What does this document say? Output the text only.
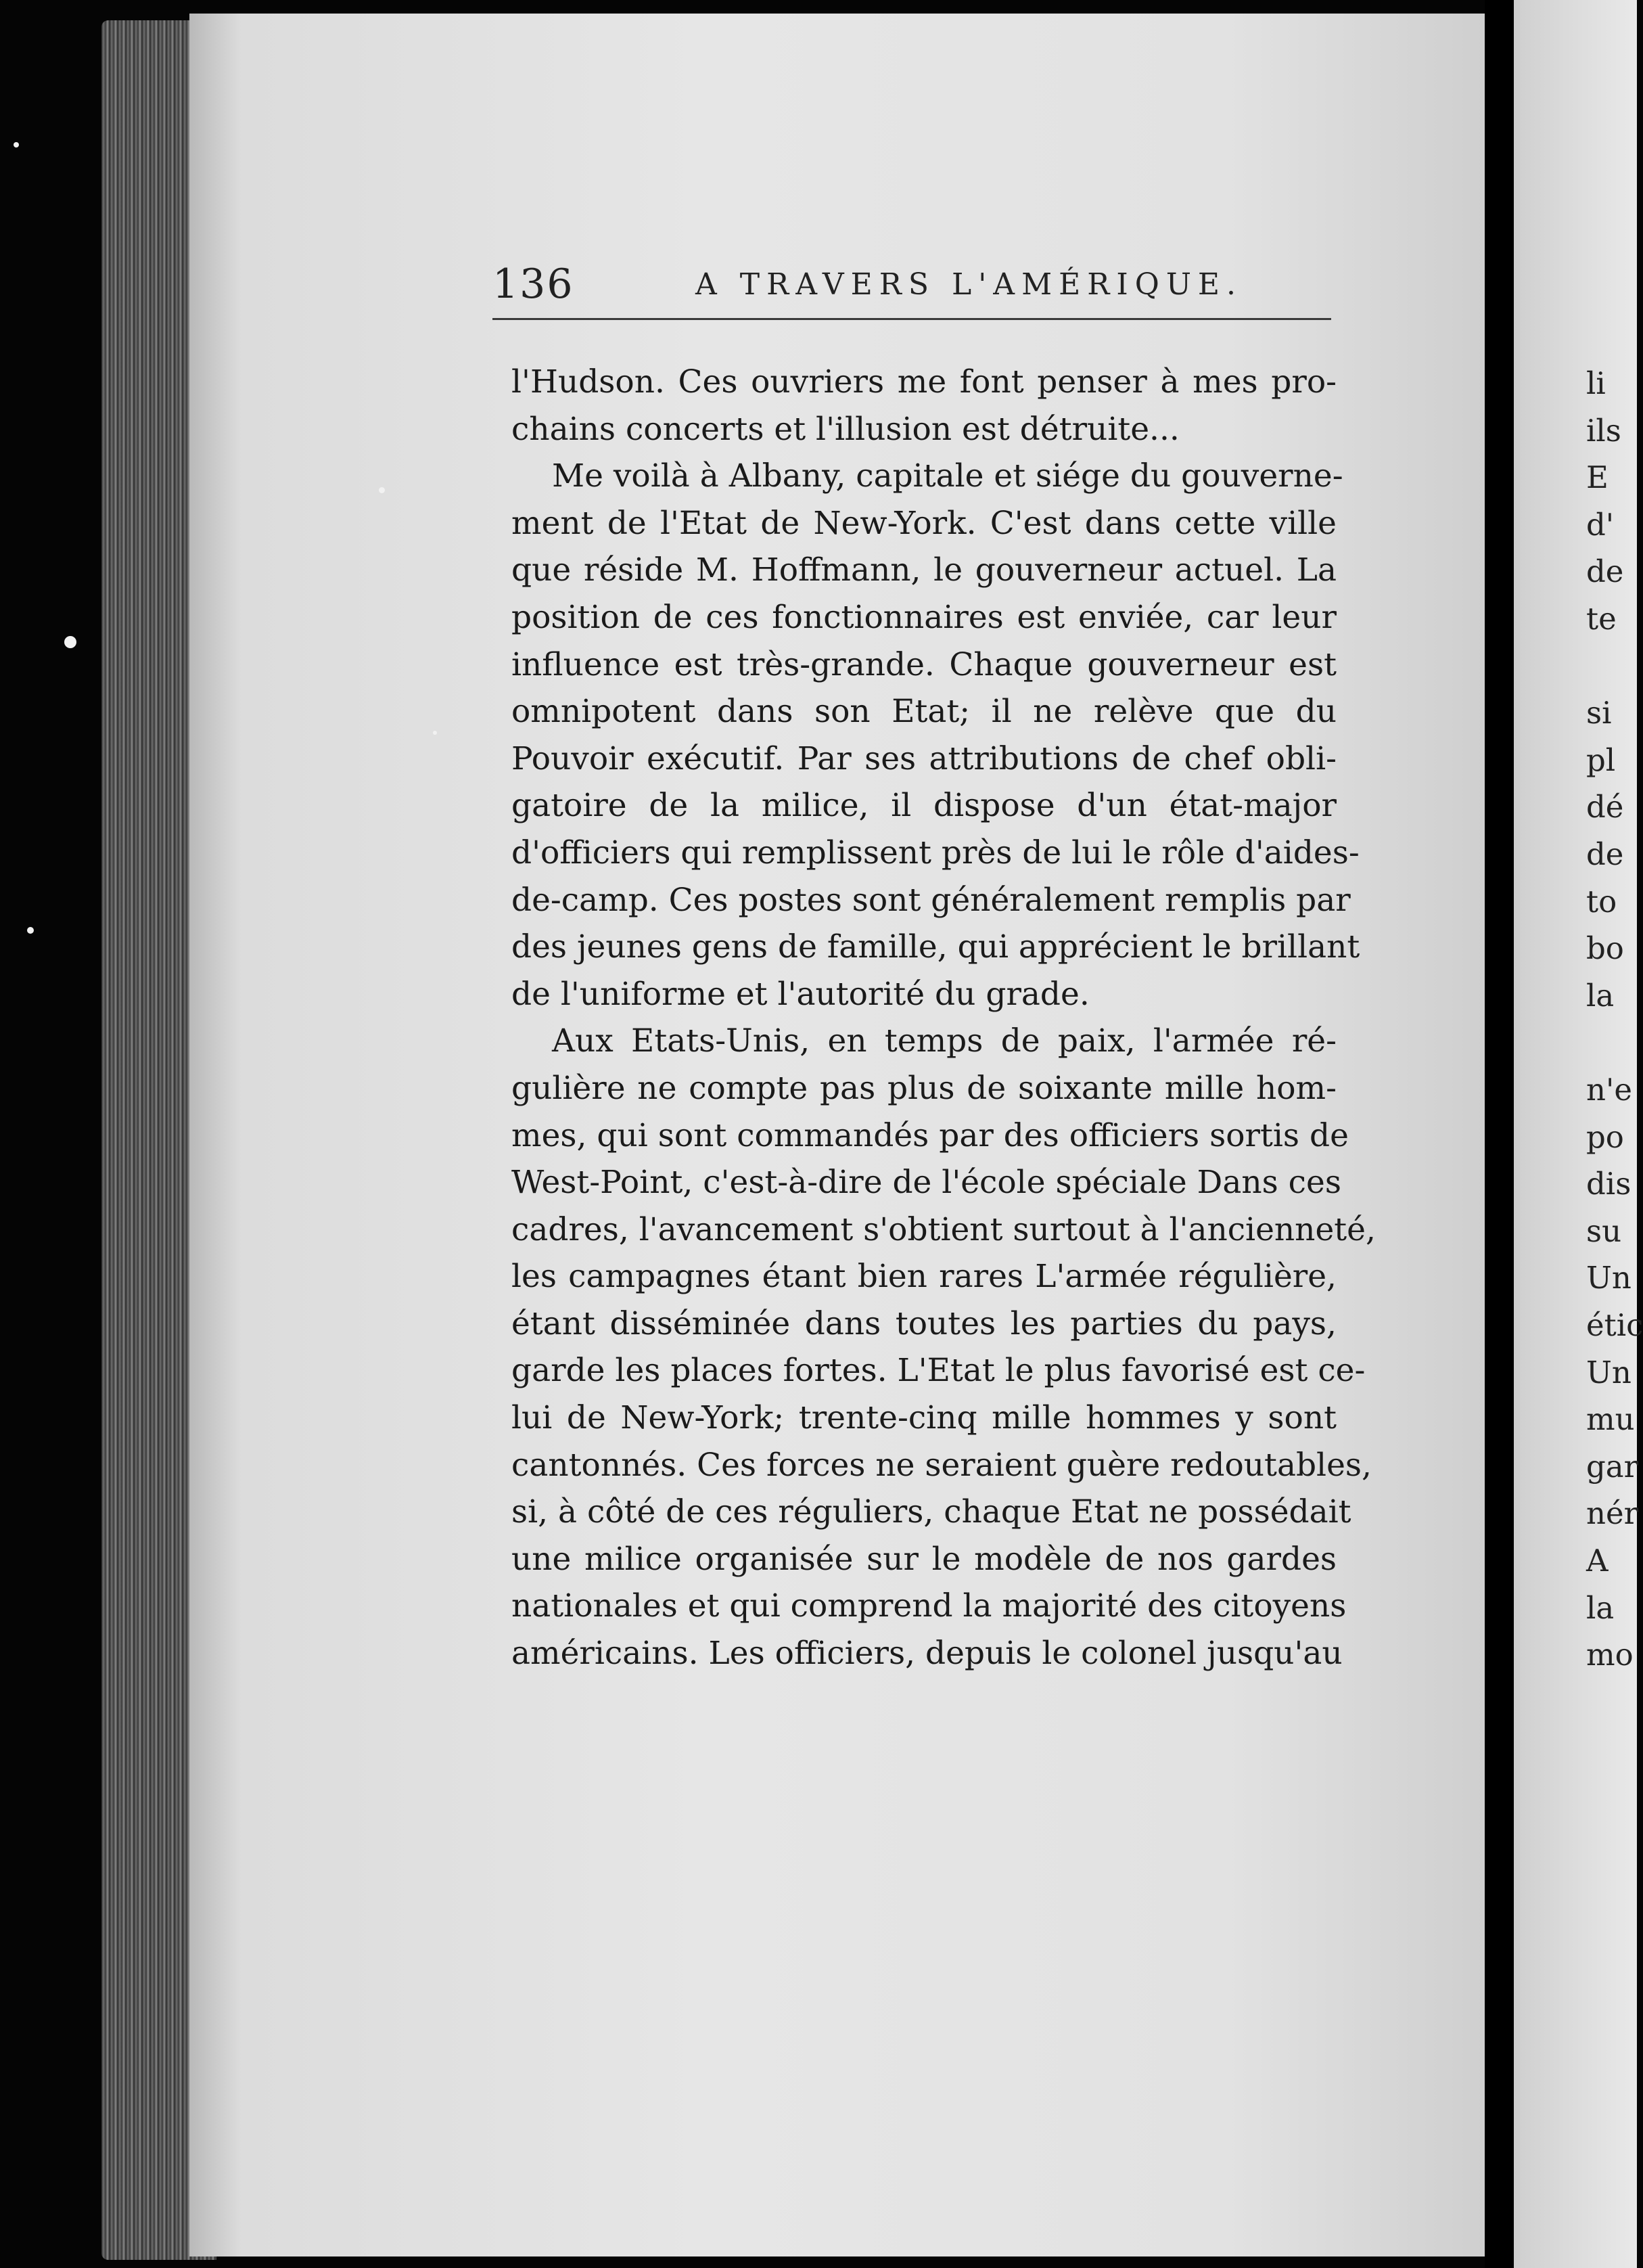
136	A TRAVERS L'AMÉRIQUE.
l'Hudson. Ces ouvriers me font penser à mes pro-
chains concerts et l'illusion est détruite...
Me voilà à Albany, capitale et siége du gouverne-
ment de l'Etat de New-York. C'est dans cette ville
que réside M. Hoffmann, le gouverneur actuel. La
position de ces fonctionnaires est enviée, car leur
influence est très-grande. Chaque gouverneur est
omnipotent dans son Etat; il ne relève que du
Pouvoir exécutif. Par ses attributions de chef obli-
gatoire de la milice, il dispose d'un état-major
d'officiers qui remplissent près de lui le rôle d'aides-
de-camp. Ces postes sont généralement remplis par
des jeunes gens de famille, qui apprécient le brillant
de l'uniforme et l'autorité du grade.
Aux Etats-Unis, en temps de paix, l'armée ré-
gulière ne compte pas plus de soixante mille hom-
mes, qui sont commandés par des officiers sortis de
West-Point, c'est-à-dire de l'école spéciale Dans ces
cadres, l'avancement s'obtient surtout à l'ancienneté,
les campagnes étant bien rares L'armée régulière,
étant disséminée dans toutes les parties du pays,
garde les places fortes. L'Etat le plus favorisé est ce-
lui de New-York; trente-cinq mille hommes y sont
cantonnés. Ces forces ne seraient guère redoutables,
si, à côté de ces réguliers, chaque Etat ne possédait
une milice organisée sur le modèle de nos gardes
nationales et qui comprend la majorité des citoyens
américains. Les officiers, depuis le colonel jusqu'au
li
ils
E
d'
de
te
si
pl
dé
de
to
bo
la
n'e
po
dis
su
Un
étic
Un
mu
gar
nér
A
la
mo
